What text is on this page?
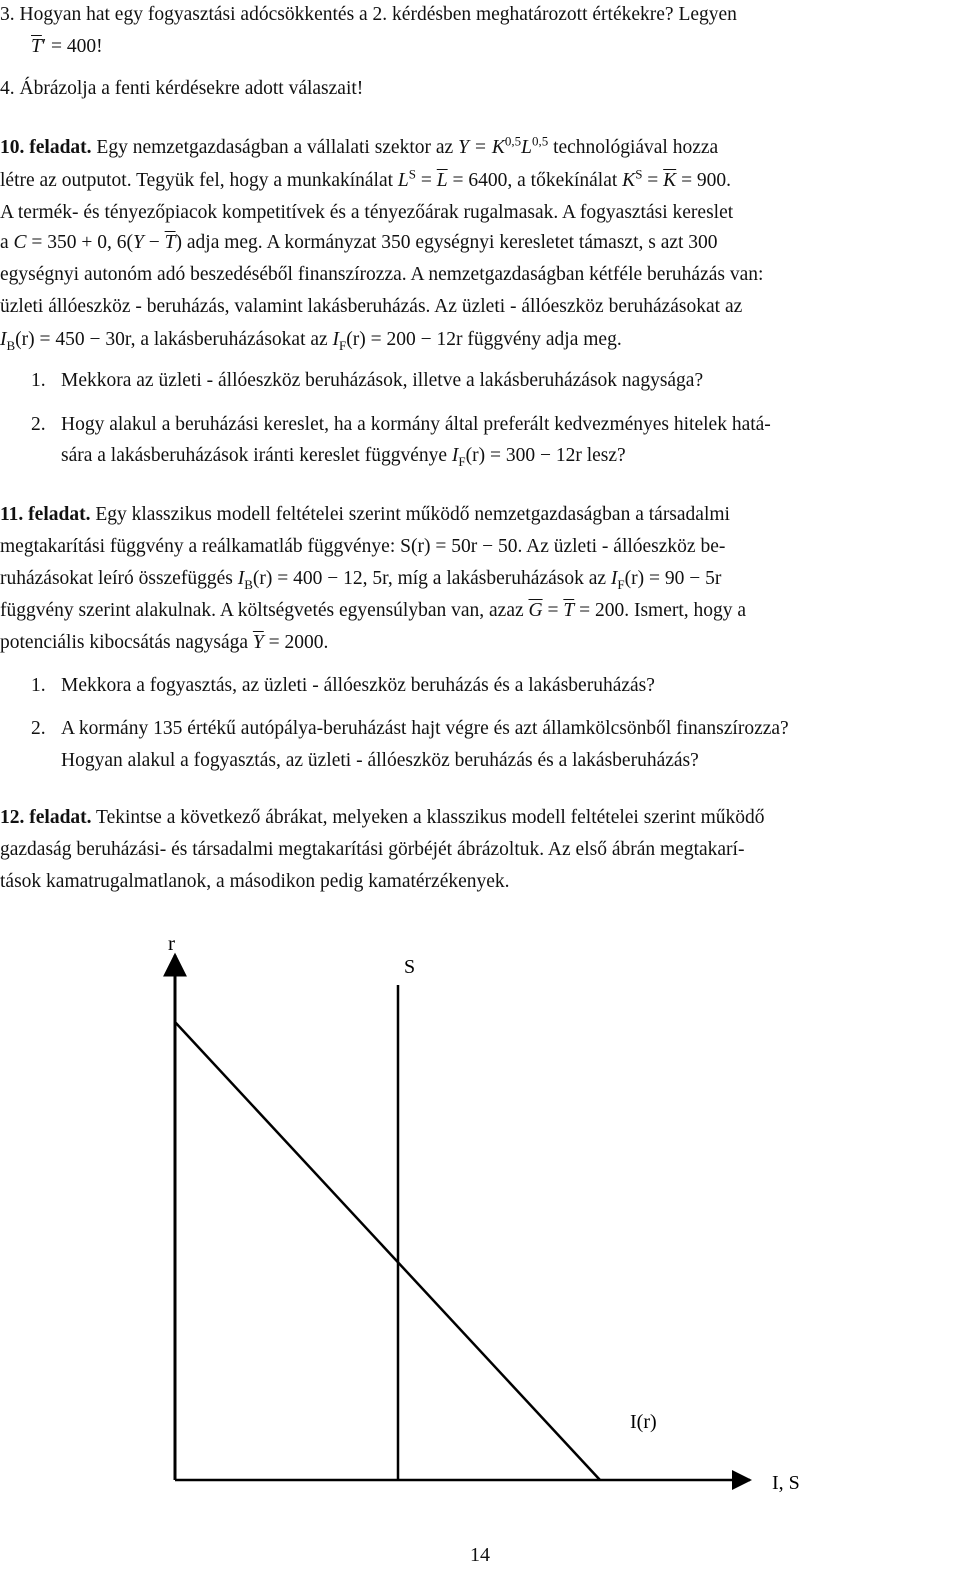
3. Hogyan hat egy fogyasztási adócsökkentés a 2. kérdésben meghatározott értékekre? Legyen
$\overline{T}' = 400$!
4. Ábrázolja a fenti kérdésekre adott válaszait!
10. feladat. Egy nemzetgazdaságban a vállalati szektor az $Y = K^{0,5}L^{0,5}$ technológiával hozza
létre az outputot. Tegyük fel, hogy a munkakínálat $L^S = \overline{L} = 6400$, a tőkekínálat $K^S = \overline{K} = 900$.
A termék- és tényezőpiacok kompetitívek és a tényezőárak rugalmasak. A fogyasztási kereslet
a C = 350 + 0, $6(Y - \overline{T})$ adja meg. A kormányzat 350 egységnyi keresletet támaszt, s azt 300
egységnyi autonóm adó beszedéséből finanszírozza. A nemzetgazdaságban kétféle beruházás van:
üzleti állóeszköz - beruházás, valamint lakásberuházás. Az üzleti - állóeszköz beruházásokat az
$I_B(r) = 450 - 30r$, a lakásberuházásokat az $I_F(r) = 200 - 12r$ függvény adja meg.
1. Mekkora az üzleti - állóeszköz beruházások, illetve a lakásberuházások nagysága?
2. Hogy alakul a beruházási kereslet, ha a kormány által preferált kedvezményes hitelek hatá-
sára a lakásberuházások iránti kereslet függvénye $I_F(r) = 300 - 12r$ lesz?
11. feladat. Egy klasszikus modell feltételei szerint működő nemzetgazdaságban a társadalmi
megtakarítási függvény a reálkamatláb függvénye: S(r) = 50r − 50. Az üzleti - állóeszköz be-
ruházásokat leíró összefüggés $I_B(r) = 400 - 12$, 5r, míg a lakásberuházások az $I_F(r) = 90 - 5r$
függvény szerint alakulnak. A költségvetés egyensúlyban van, azaz $\overline{G} = \overline{T} = 200$. Ismert, hogy a
potenciális kibocsátás nagysága $\overline{Y} = 2000$.
1. Mekkora a fogyasztás, az üzleti - állóeszköz beruházás és a lakásberuházás?
2. A kormány 135 értékű autópálya-beruházást hajt végre és azt államkölcsönből finanszírozza?
Hogyan alakul a fogyasztás, az üzleti - állóeszköz beruházás és a lakásberuházás?
12. feladat. Tekintse a következő ábrákat, melyeken a klasszikus modell feltételei szerint működő
gazdaság beruházási- és társadalmi megtakarítási görbéjét ábrázoltuk. Az első ábrán megtakarí-
tások kamatrugalmatlanok, a másodikon pedig kamatérzékenyek.
r
S
I(r)
I, S
14
